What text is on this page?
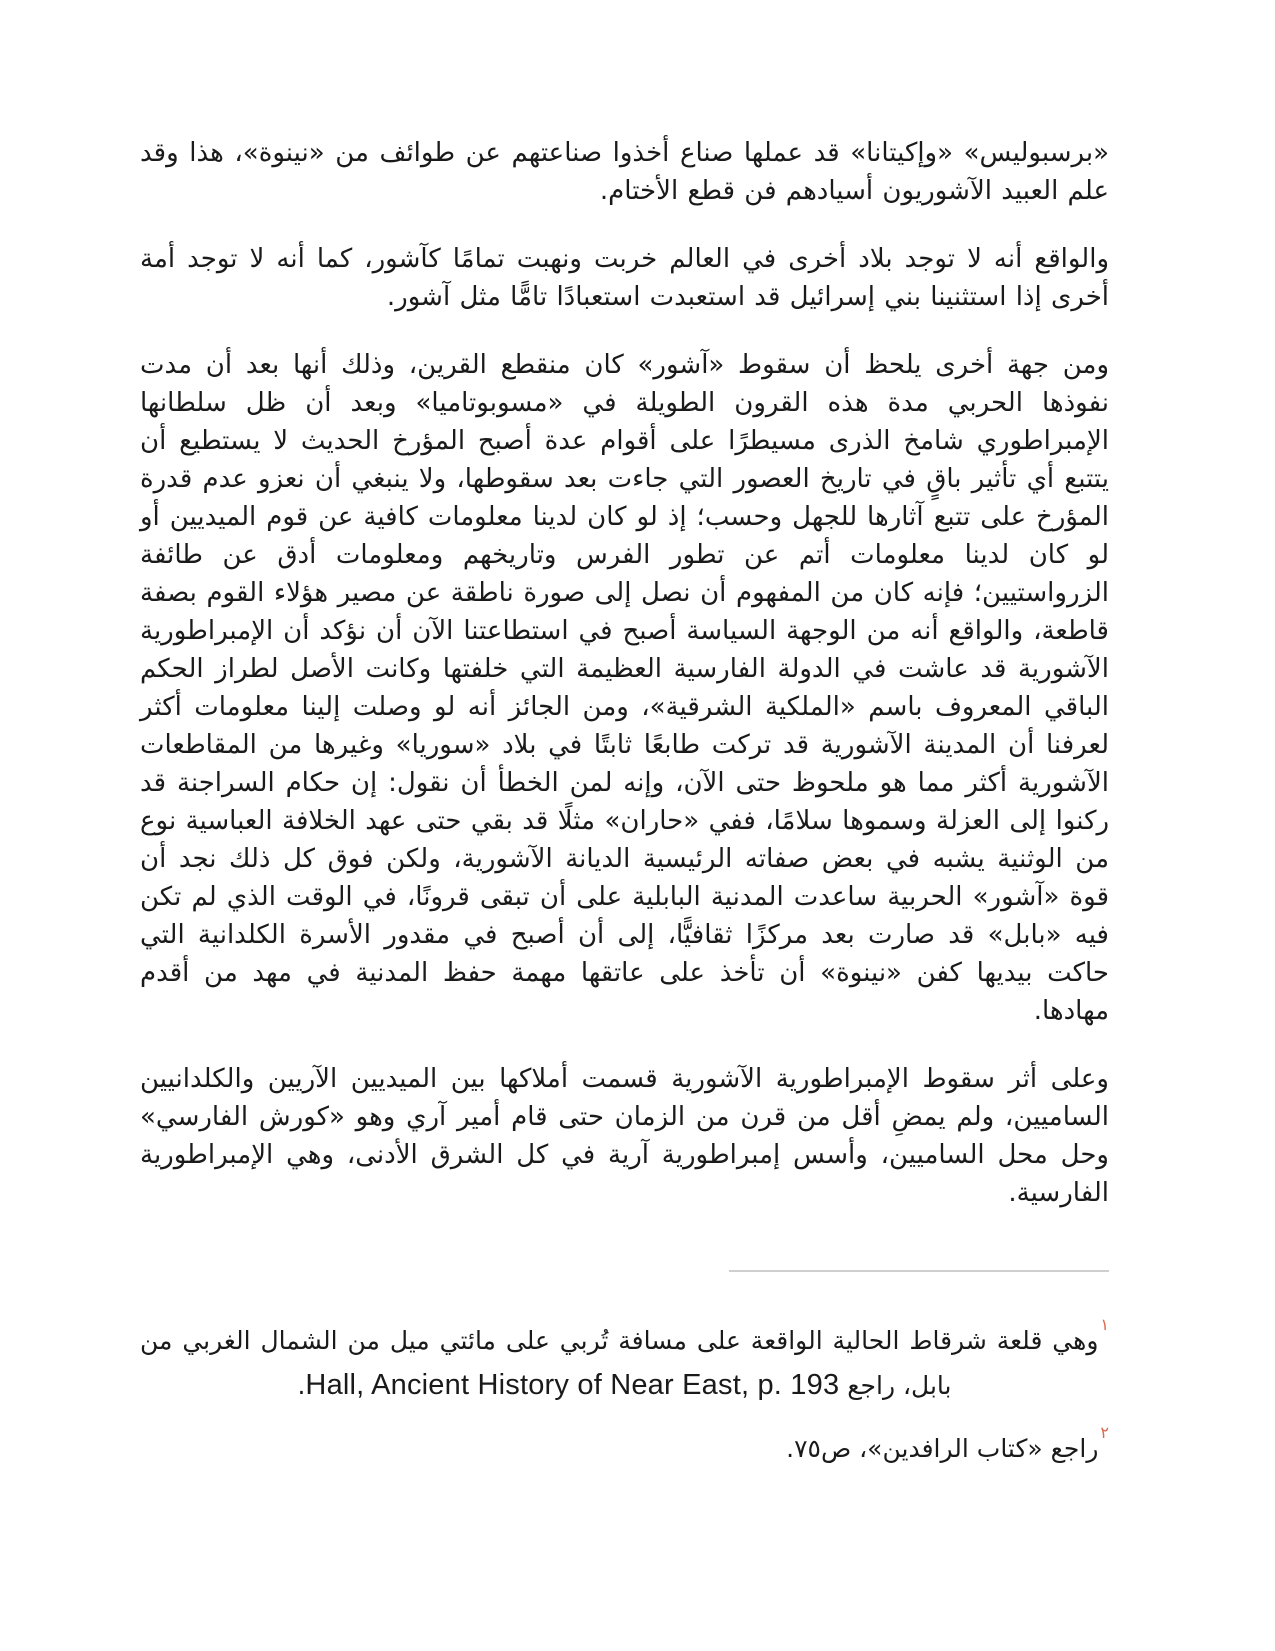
«برسبوليس» «وإكيتانا» قد عملها صناع أخذوا صناعتهم عن طوائف من «نينوة»، هذا وقد علم العبيد الآشوريون أسيادهم فن قطع الأختام.

والواقع أنه لا توجد بلاد أخرى في العالم خربت ونهبت تمامًا كآشور، كما أنه لا توجد أمة أخرى إذا استثنينا بني إسرائيل قد استعبدت استعبادًا تامًّا مثل آشور.

ومن جهة أخرى يلحظ أن سقوط «آشور» كان منقطع القرين، وذلك أنها بعد أن مدت نفوذها الحربي مدة هذه القرون الطويلة في «مسوبوتاميا» وبعد أن ظل سلطانها الإمبراطوري شامخ الذرى مسيطرًا على أقوام عدة أصبح المؤرخ الحديث لا يستطيع أن يتتبع أي تأثير باقٍ في تاريخ العصور التي جاءت بعد سقوطها، ولا ينبغي أن نعزو عدم قدرة المؤرخ على تتبع آثارها للجهل وحسب؛ إذ لو كان لدينا معلومات كافية عن قوم الميديين أو لو كان لدينا معلومات أتم عن تطور الفرس وتاريخهم ومعلومات أدق عن طائفة الزرواستيين؛ فإنه كان من المفهوم أن نصل إلى صورة ناطقة عن مصير هؤلاء القوم بصفة قاطعة، والواقع أنه من الوجهة السياسة أصبح في استطاعتنا الآن أن نؤكد أن الإمبراطورية الآشورية قد عاشت في الدولة الفارسية العظيمة التي خلفتها وكانت الأصل لطراز الحكم الباقي المعروف باسم «الملكية الشرقية»، ومن الجائز أنه لو وصلت إلينا معلومات أكثر لعرفنا أن المدينة الآشورية قد تركت طابعًا ثابتًا في بلاد «سوريا» وغيرها من المقاطعات الآشورية أكثر مما هو ملحوظ حتى الآن، وإنه لمن الخطأ أن نقول: إن حكام السراجنة قد ركنوا إلى العزلة وسموها سلامًا، ففي «حاران» مثلًا قد بقي حتى عهد الخلافة العباسية نوع من الوثنية يشبه في بعض صفاته الرئيسية الديانة الآشورية، ولكن فوق كل ذلك نجد أن قوة «آشور» الحربية ساعدت المدنية البابلية على أن تبقى قرونًا، في الوقت الذي لم تكن فيه «بابل» قد صارت بعد مركزًا ثقافيًّا، إلى أن أصبح في مقدور الأسرة الكلدانية التي حاكت بيديها كفن «نينوة» أن تأخذ على عاتقها مهمة حفظ المدنية في مهد من أقدم مهادها.

وعلى أثر سقوط الإمبراطورية الآشورية قسمت أملاكها بين الميديين الآريين والكلدانيين الساميين، ولم يمضِ أقل من قرن من الزمان حتى قام أمير آري وهو «كورش الفارسي» وحل محل الساميين، وأسس إمبراطورية آرية في كل الشرق الأدنى، وهي الإمبراطورية الفارسية.

$^١$وهي قلعة شرقاط الحالية الواقعة على مسافة تُربي على مائتي ميل من الشمال الغربي من بابل، راجع Hall, Ancient History of Near East, p. 193.

$^٢$راجع «كتاب الرافدين»، ص٧٥.
